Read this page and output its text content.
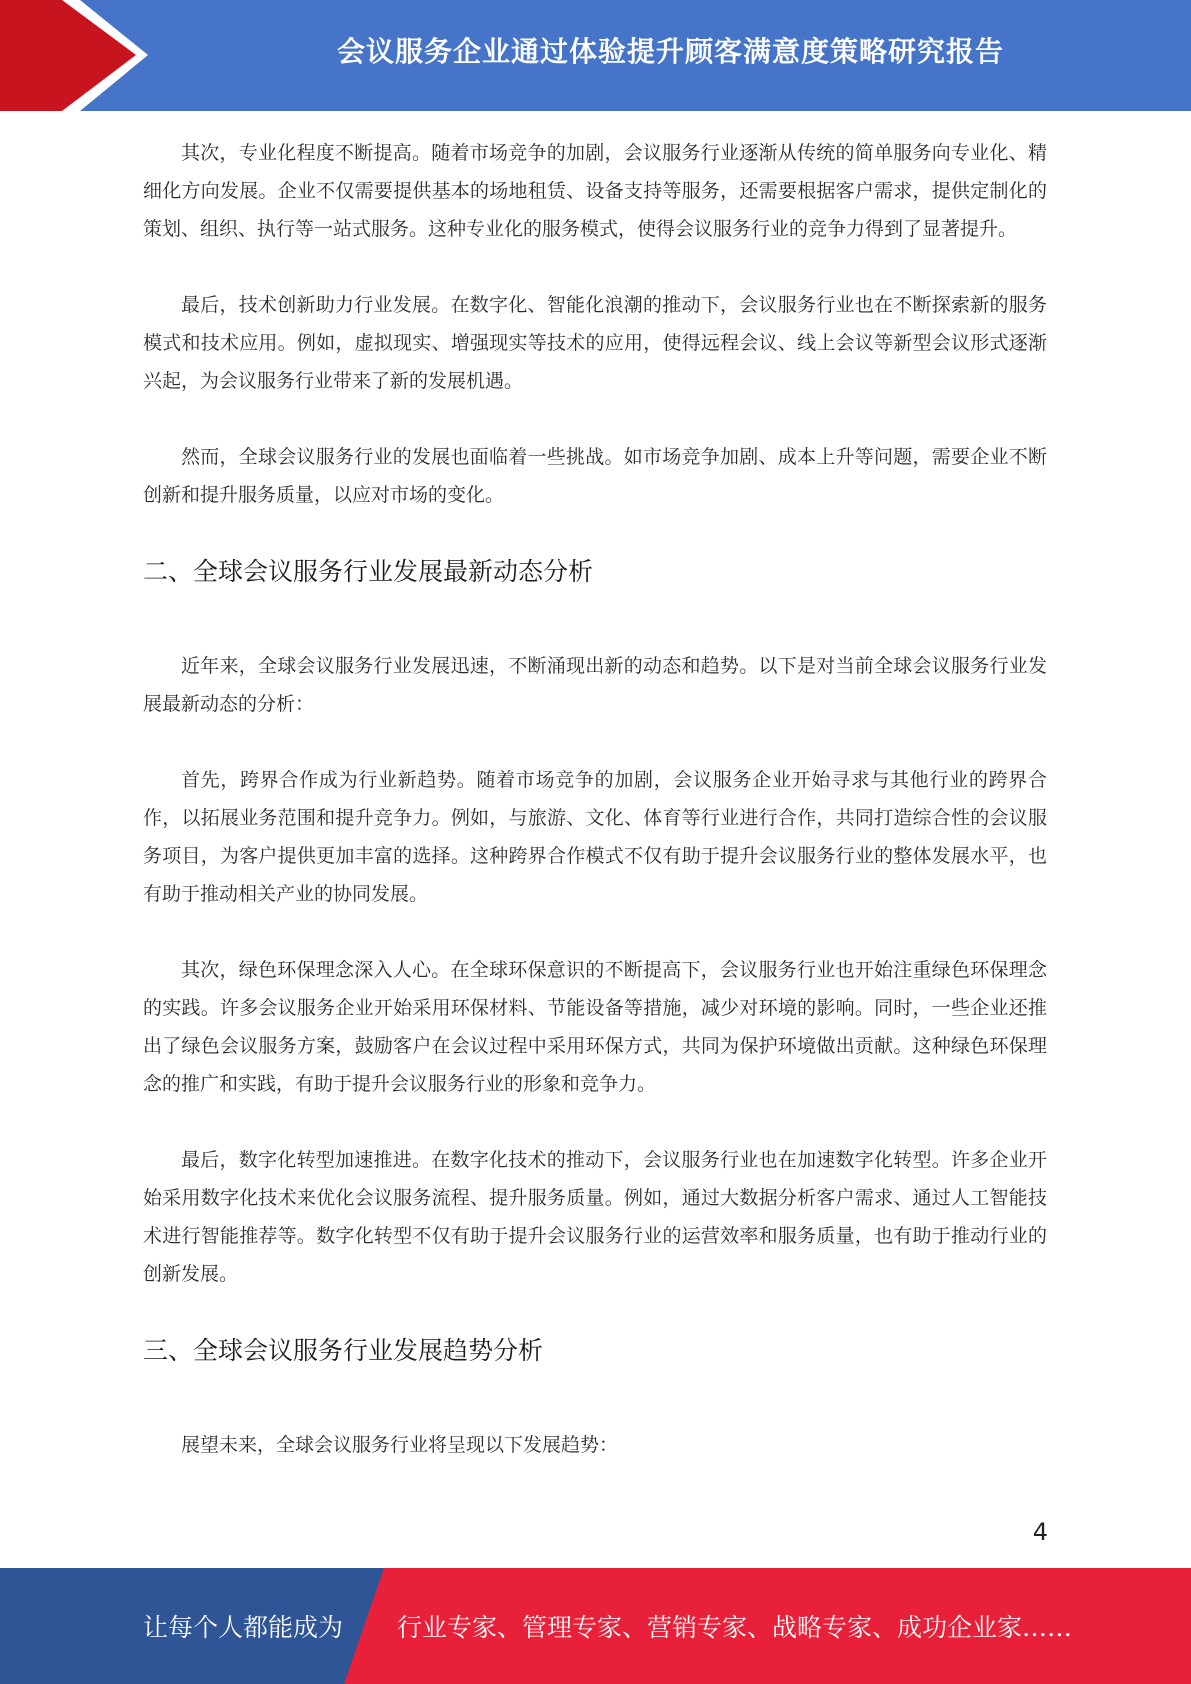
会议服务企业通过体验提升顾客满意度策略研究报告

其次，专业化程度不断提高。随着市场竞争的加剧，会议服务行业逐渐从传统的简单服务向专业化、精细化方向发展。企业不仅需要提供基本的场地租赁、设备支持等服务，还需要根据客户需求，提供定制化的策划、组织、执行等一站式服务。这种专业化的服务模式，使得会议服务行业的竞争力得到了显著提升。

最后，技术创新助力行业发展。在数字化、智能化浪潮的推动下，会议服务行业也在不断探索新的服务模式和技术应用。例如，虚拟现实、增强现实等技术的应用，使得远程会议、线上会议等新型会议形式逐渐兴起，为会议服务行业带来了新的发展机遇。

然而，全球会议服务行业的发展也面临着一些挑战。如市场竞争加剧、成本上升等问题，需要企业不断创新和提升服务质量，以应对市场的变化。

二、全球会议服务行业发展最新动态分析

近年来，全球会议服务行业发展迅速，不断涌现出新的动态和趋势。以下是对当前全球会议服务行业发展最新动态的分析：

首先，跨界合作成为行业新趋势。随着市场竞争的加剧，会议服务企业开始寻求与其他行业的跨界合作，以拓展业务范围和提升竞争力。例如，与旅游、文化、体育等行业进行合作，共同打造综合性的会议服务项目，为客户提供更加丰富的选择。这种跨界合作模式不仅有助于提升会议服务行业的整体发展水平，也有助于推动相关产业的协同发展。

其次，绿色环保理念深入人心。在全球环保意识的不断提高下，会议服务行业也开始注重绿色环保理念的实践。许多会议服务企业开始采用环保材料、节能设备等措施，减少对环境的影响。同时，一些企业还推出了绿色会议服务方案，鼓励客户在会议过程中采用环保方式，共同为保护环境做出贡献。这种绿色环保理念的推广和实践，有助于提升会议服务行业的形象和竞争力。

最后，数字化转型加速推进。在数字化技术的推动下，会议服务行业也在加速数字化转型。许多企业开始采用数字化技术来优化会议服务流程、提升服务质量。例如，通过大数据分析客户需求、通过人工智能技术进行智能推荐等。数字化转型不仅有助于提升会议服务行业的运营效率和服务质量，也有助于推动行业的创新发展。

三、全球会议服务行业发展趋势分析

展望未来，全球会议服务行业将呈现以下发展趋势：

4
让每个人都能成为 行业专家、管理专家、营销专家、战略专家、成功企业家……
